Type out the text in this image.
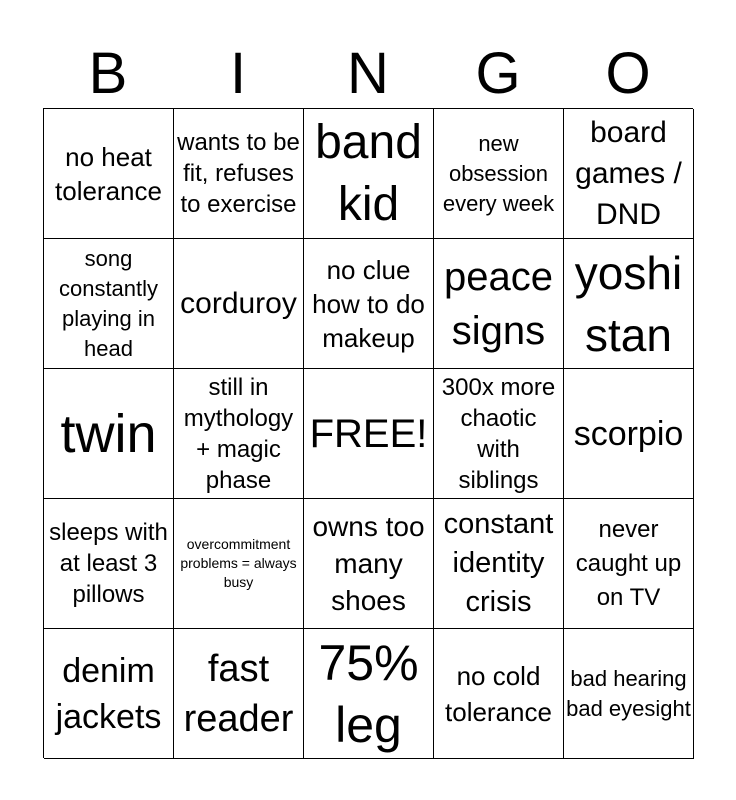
B	I	N	G	O
no heat tolerance
wants to be fit, refuses to exercise
band kid
new obsession every week
board games / DND
song constantly playing in head
corduroy
no clue how to do makeup
peace signs
yoshi stan
twin
still in mythology + magic phase
FREE!
300x more chaotic with siblings
scorpio
sleeps with at least 3 pillows
overcommitment problems = always busy
owns too many shoes
constant identity crisis
never caught up on TV
denim jackets
fast reader
75% leg
no cold tolerance
bad hearing bad eyesight
